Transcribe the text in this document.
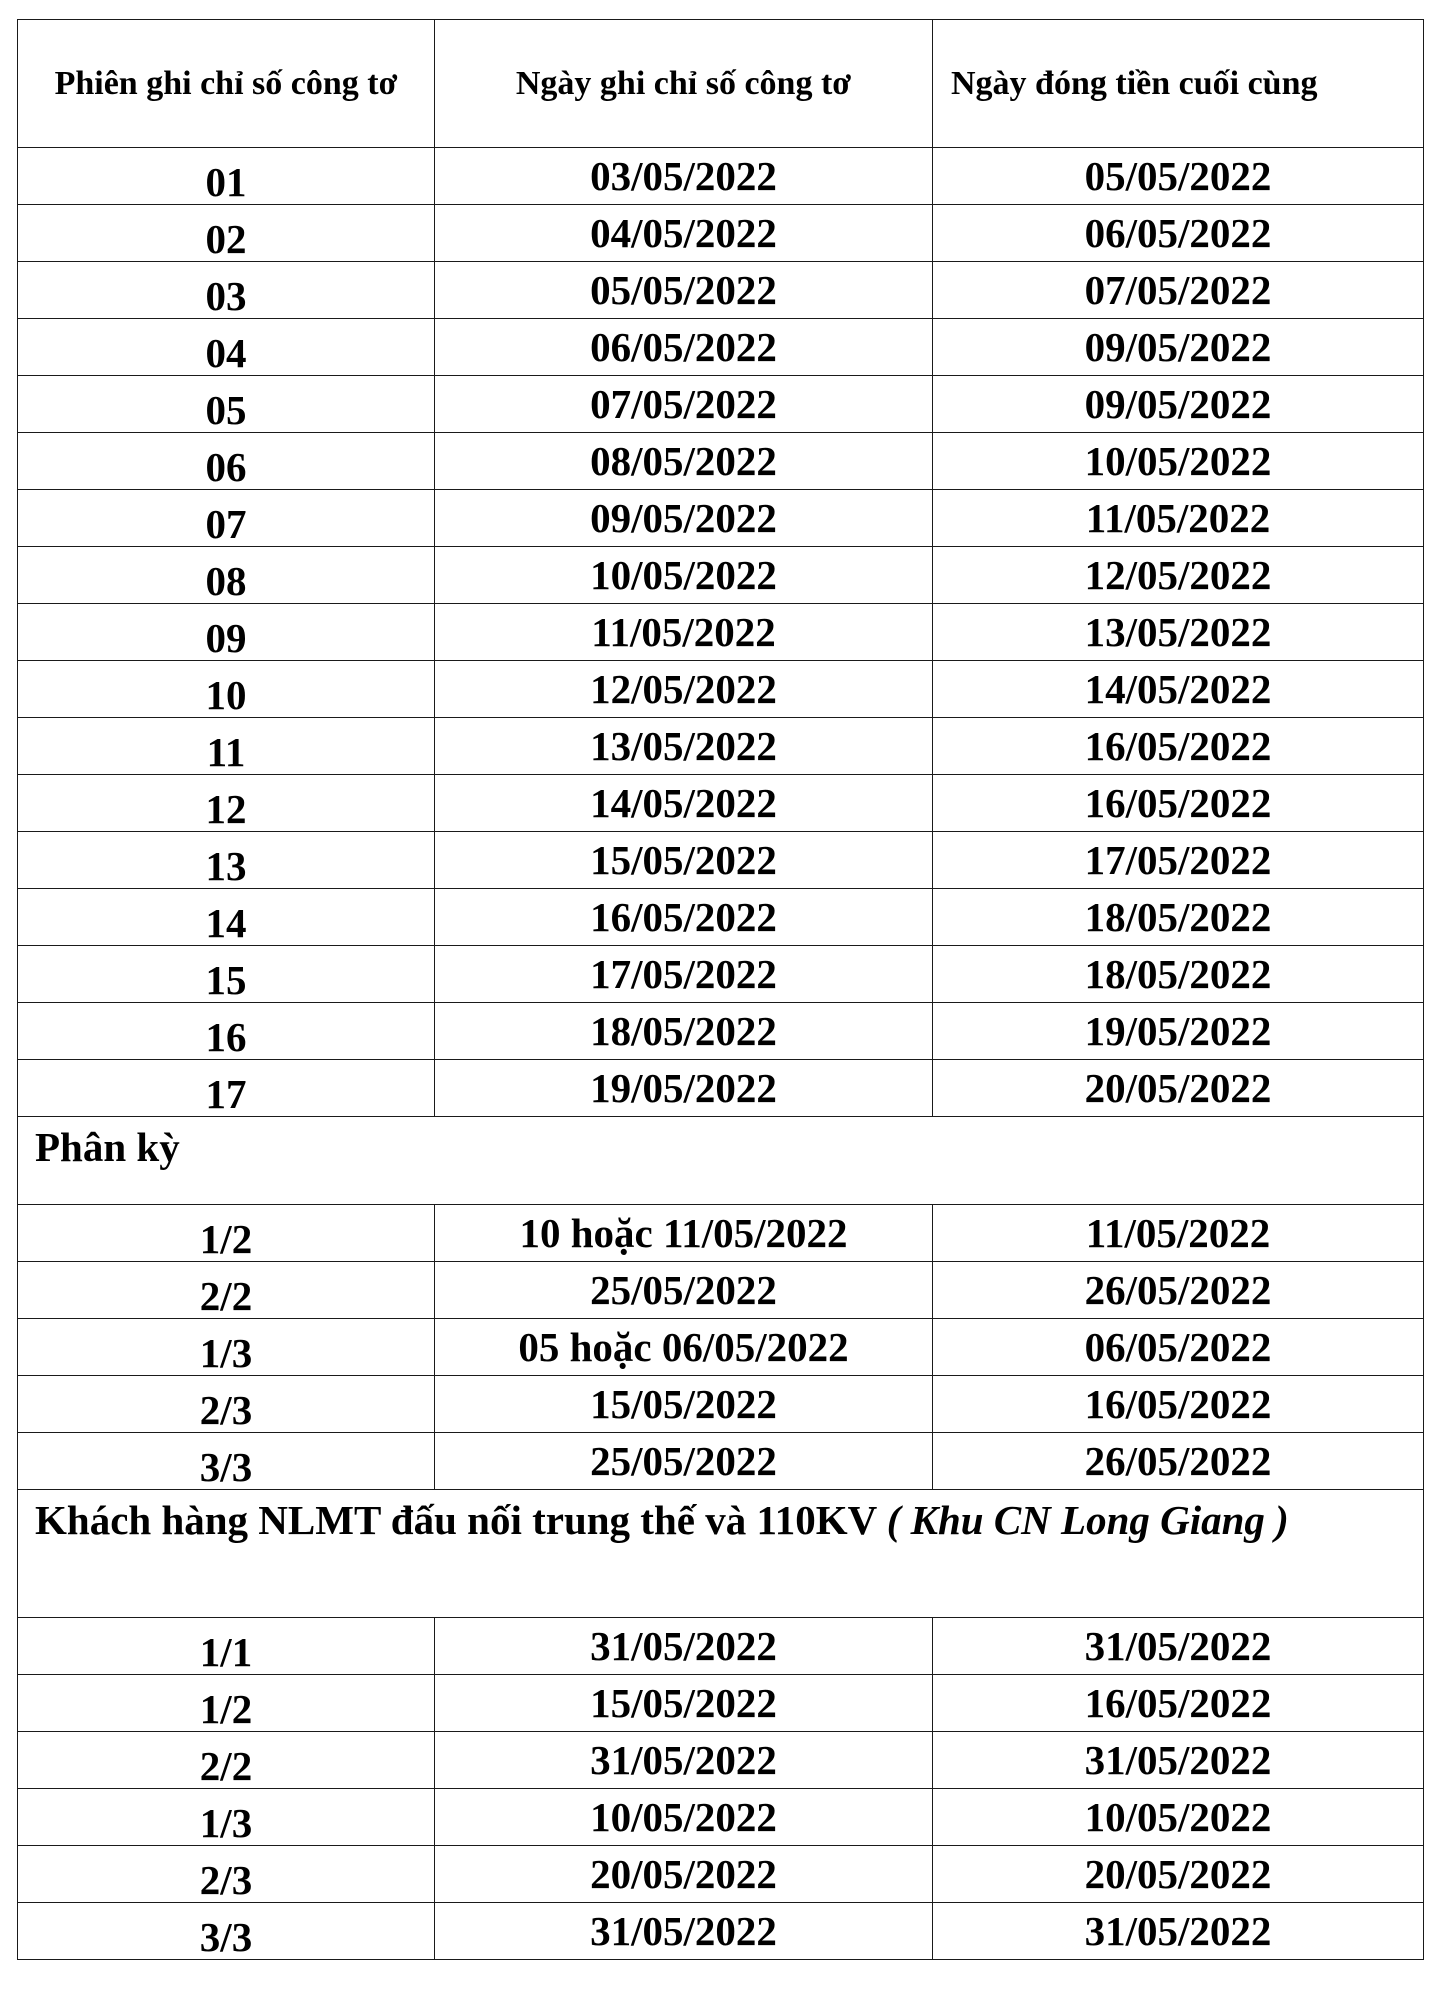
Phiên ghi chỉ số công tơ	Ngày ghi chỉ số công tơ	Ngày đóng tiền cuối cùng
01	03/05/2022	05/05/2022
02	04/05/2022	06/05/2022
03	05/05/2022	07/05/2022
04	06/05/2022	09/05/2022
05	07/05/2022	09/05/2022
06	08/05/2022	10/05/2022
07	09/05/2022	11/05/2022
08	10/05/2022	12/05/2022
09	11/05/2022	13/05/2022
10	12/05/2022	14/05/2022
11	13/05/2022	16/05/2022
12	14/05/2022	16/05/2022
13	15/05/2022	17/05/2022
14	16/05/2022	18/05/2022
15	17/05/2022	18/05/2022
16	18/05/2022	19/05/2022
17	19/05/2022	20/05/2022
Phân kỳ		
1/2	10 hoặc 11/05/2022	11/05/2022
2/2	25/05/2022	26/05/2022
1/3	05 hoặc 06/05/2022	06/05/2022
2/3	15/05/2022	16/05/2022
3/3	25/05/2022	26/05/2022
Khách hàng NLMT đấu nối trung thế và 110KV ( Khu CN Long Giang )		
1/1	31/05/2022	31/05/2022
1/2	15/05/2022	16/05/2022
2/2	31/05/2022	31/05/2022
1/3	10/05/2022	10/05/2022
2/3	20/05/2022	20/05/2022
3/3	31/05/2022	31/05/2022
